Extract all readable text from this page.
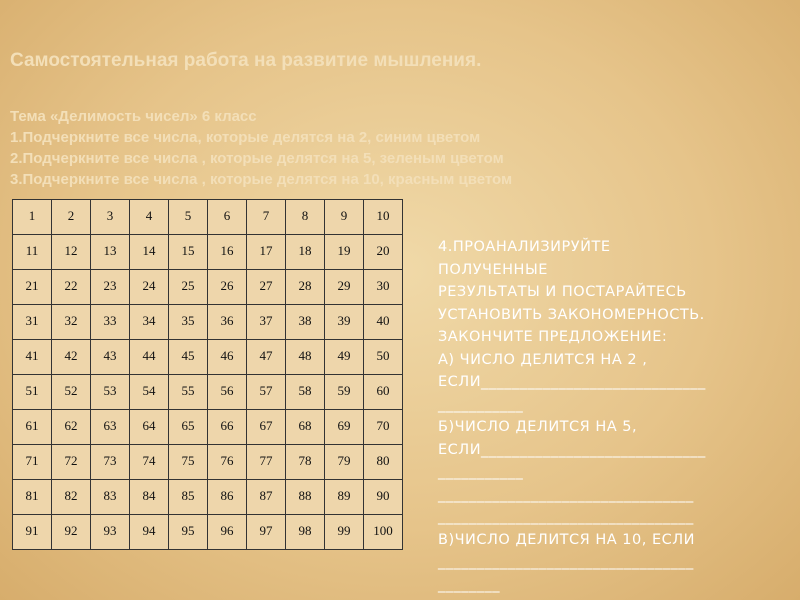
Самостоятельная работа на развитие мышления.
Тема «Делимость чисел» 6 класс
1.Подчеркните все числа, которые делятся на 2, синим цветом
2.Подчеркните все числа , которые делятся на 5, зеленым цветом
3.Подчеркните все числа , которые делятся на 10, красным цветом
1	2	3	4	5	6	7	8	9	10
11	12	13	14	15	16	17	18	19	20
21	22	23	24	25	26	27	28	29	30
31	32	33	34	35	36	37	38	39	40
41	42	43	44	45	46	47	48	49	50
51	52	53	54	55	56	57	58	59	60
61	62	63	64	65	66	67	68	69	70
71	72	73	74	75	76	77	78	79	80
81	82	83	84	85	86	87	88	89	90
91	92	93	94	95	96	97	98	99	100
4.ПРОАНАЛИЗИРУЙТЕ
ПОЛУЧЕННЫЕ
РЕЗУЛЬТАТЫ И ПОСТАРАЙТЕСЬ
УСТАНОВИТЬ ЗАКОНОМЕРНОСТЬ.
ЗАКОНЧИТЕ ПРЕДЛОЖЕНИЕ:
А) ЧИСЛО ДЕЛИТСЯ НА 2 ,
ЕСЛИ_____________________________
___________
Б)ЧИСЛО ДЕЛИТСЯ НА 5,
ЕСЛИ_____________________________
___________
_________________________________
_________________________________
В)ЧИСЛО ДЕЛИТСЯ НА 10, ЕСЛИ
_________________________________
________
